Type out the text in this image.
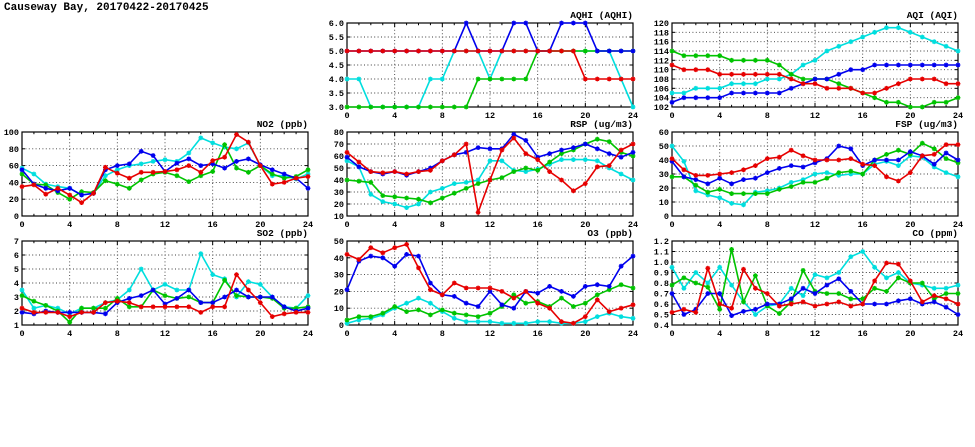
Causeway Bay, 20170422-20170425
3.0
3.5
4.0
4.5
5.0
5.5
6.0
0	4	8	12	16	20	24
AQHI (AQHI)
102
104
106
108
110
112
114
116
118
120
0	4	8	12	16	20	24
AQI (AQI)
0
20
40
60
80
100
0	4	8	12	16	20	24
NO2 (ppb)
10
20
30
40
50
60
70
80
0	4	8	12	16	20	24
RSP (ug/m3)
0
10
20
30
40
50
60
0	4	8	12	16	20	24
FSP (ug/m3)
1
2
3
4
5
6
7
0	4	8	12	16	20	24
SO2 (ppb)
0
10
20
30
40
50
0	4	8	12	16	20	24
O3 (ppb)
0.4
0.5
0.6
0.7
0.8
0.9
1.0
1.1
1.2
0	4	8	12	16	20	24
CO (ppm)
